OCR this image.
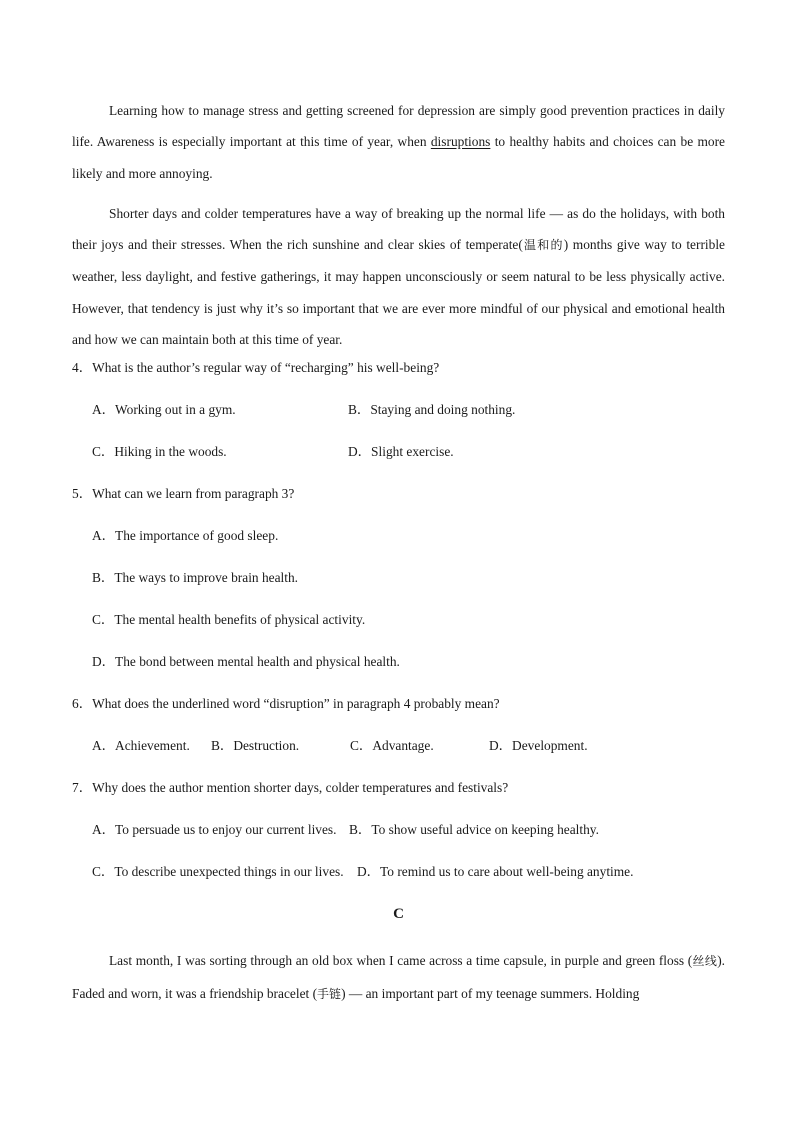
Learning how to manage stress and getting screened for depression are simply good prevention practices in daily life. Awareness is especially important at this time of year, when disruptions to healthy habits and choices can be more likely and more annoying.

Shorter days and colder temperatures have a way of breaking up the normal life — as do the holidays, with both their joys and their stresses. When the rich sunshine and clear skies of temperate(温和的) months give way to terrible weather, less daylight, and festive gatherings, it may happen unconsciously or seem natural to be less physically active. However, that tendency is just why it’s so important that we are ever more mindful of our physical and emotional health and how we can maintain both at this time of year.

4．What is the author’s regular way of “recharging” his well-being?
A．Working out in a gym.	B．Staying and doing nothing.
C．Hiking in the woods.	D．Slight exercise.
5．What can we learn from paragraph 3?
A．The importance of good sleep.
B．The ways to improve brain health.
C．The mental health benefits of physical activity.
D．The bond between mental health and physical health.
6．What does the underlined word “disruption” in paragraph 4 probably mean?
A．Achievement.	B．Destruction.	C．Advantage.	D．Development.
7．Why does the author mention shorter days, colder temperatures and festivals?
A．To persuade us to enjoy our current lives. B．To show useful advice on keeping healthy.
C．To describe unexpected things in our lives.	D．To remind us to care about well-being anytime.
C

Last month, I was sorting through an old box when I came across a time capsule, in purple and green floss (丝线). Faded and worn, it was a friendship bracelet (手链) — an important part of my teenage summers. Holding
